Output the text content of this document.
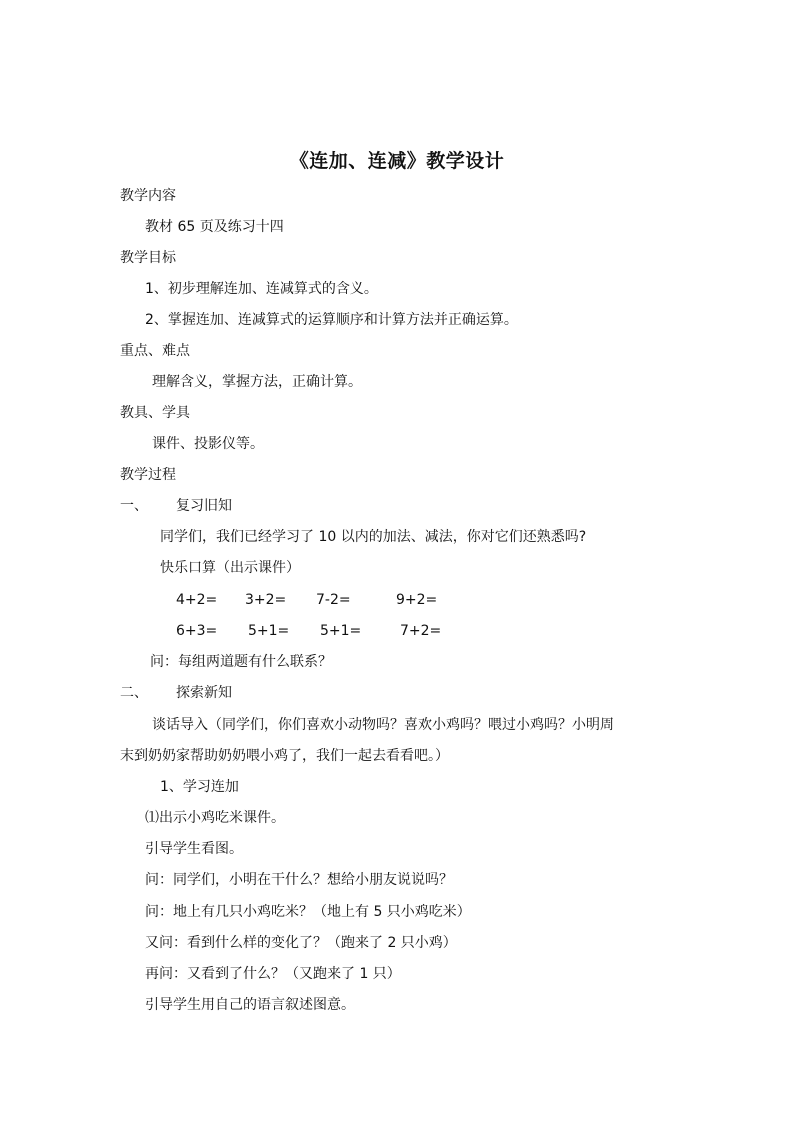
《连加、连减》教学设计
教学内容
教材 65 页及练习十四
教学目标
1、初步理解连加、连减算式的含义。
2、掌握连加、连减算式的运算顺序和计算方法并正确运算。
重点、难点
理解含义，掌握方法，正确计算。
教具、学具
课件、投影仪等。
教学过程
一、 复习旧知
同学们，我们已经学习了 10 以内的加法、减法，你对它们还熟悉吗?
快乐口算（出示课件）
4+2= 3+2= 7-2=	9+2=
6+3= 5+1= 5+1=	7+2=
问：每组两道题有什么联系？
二、 探索新知
谈话导入（同学们，你们喜欢小动物吗？喜欢小鸡吗？喂过小鸡吗？小明周
末到奶奶家帮助奶奶喂小鸡了，我们一起去看看吧。）
1、学习连加
⑴出示小鸡吃米课件。
引导学生看图。
问：同学们，小明在干什么？想给小朋友说说吗？
问：地上有几只小鸡吃米？（地上有 5 只小鸡吃米）
又问：看到什么样的变化了？（跑来了 2 只小鸡）
再问：又看到了什么？（又跑来了 1 只）
引导学生用自己的语言叙述图意。
